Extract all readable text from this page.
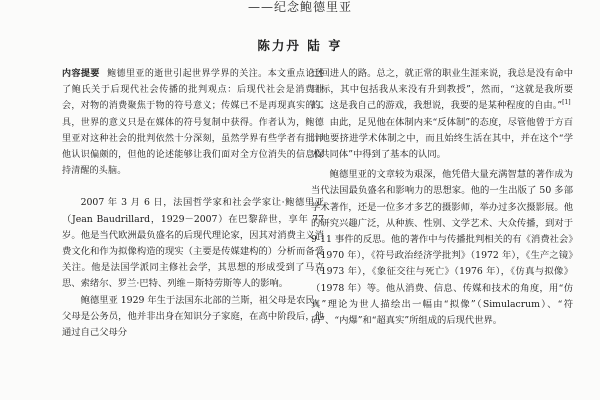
——纪念鲍德里亚
陈力丹 陆 亨
内容提要 鲍德里亚的逝世引起世界学界的关注。本文重点论述了鲍氏关于后现代社会传播的批判观点：后现代社会是消费社会，对物的消费聚焦于物的符号意义；传媒已不是再现真实的工具，世界的意义只是在媒体的符号复制中获得。作者认为，鲍德里亚对这种社会的批判依然十分深刻，虽然学界有些学者有批评他认识偏颇的，但他的论述能够让我们面对全方位消失的信息保持清醒的头脑。

2007 年 3 月 6 日，法国哲学家和社会学家让·鲍德里亚（Jean Baudrillard，1929－2007）在巴黎辞世，享年 77 岁。他是当代欧洲最负盛名的后现代理论家，因其对消费主义消费文化和作为拟像构造的现实（主要是传媒建构的）分析而备受关注。他是法国学派同主修社会学，其思想的形成受到了马克思、索绪尔、罗兰·巴特、列维－斯特劳斯等人的影响。

鲍德里亚 1929 年生于法国东北部的兰斯，祖父母是农民，父母是公务员，他并非出身在知识分子家庭，在高中阶段后，他通过自己父母分

迁回进人的路。总之，就正常的职业生涯来说，我总是没有命中目标，其中包括我从来没有升到教授”，然而，“这就是我所要的。这是我自己的游戏，我想说，我要的是某种程度的自由。”[1]

由此，足见他在体制内来“反体制”的态度，尽管他曾于方百计地要挤进学术体制之中，而且始终生活在其中，并在这个“学术共同体”中得到了基本的认同。

鲍德里亚的文章较为艰深，他凭借大量充满智慧的著作成为当代法国最负盛名和影响力的思想家。他的一生出版了 50 多部学术著作，还是一位多才多艺的摄影师，举办过多次摄影展。他的研究兴趣广泛，从种族、性别、文学艺术、大众传播，到对于 9-11 事件的反思。他的著作中与传播批判相关的有《消费社会》（1970 年），《符号政治经济学批判》（1972 年），《生产之镜》（1973 年），《象征交往与死亡》（1976 年），《仿真与拟像》（1978 年）等。他从消费、信息、传媒和技术的角度，用“仿真”理论为世人描绘出一幅由“拟像”（Simulacrum）、“符码”、“内爆”和“超真实”所组成的后现代世界。
